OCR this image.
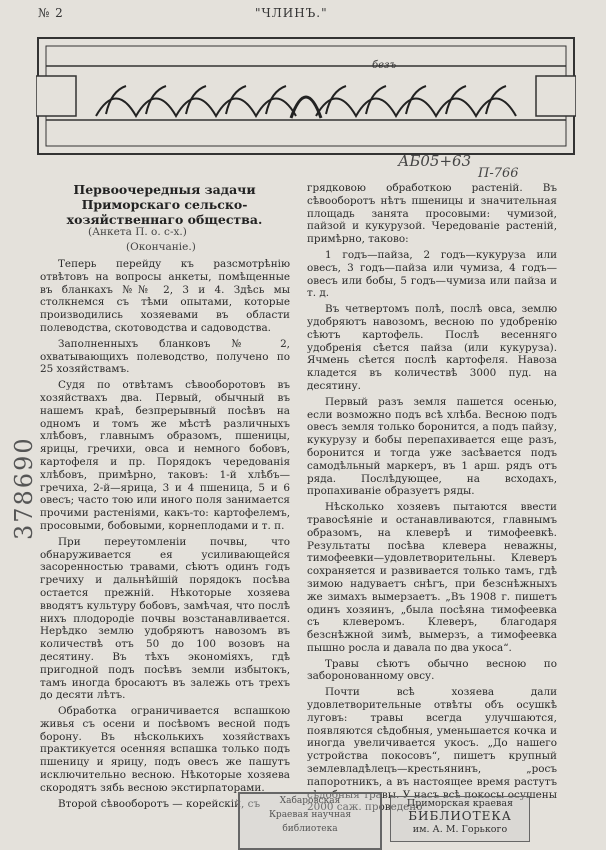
№ 2	"ЧЛИНЪ."
безъ
АБ05+63
П-766
Первоочередныя задачи Приморскаго сельско-хозяйственнаго общества.
(Анкета П. о. с-х.)
(Окончаніе.)

Теперь перейду къ разсмотрѣнію отвѣтовъ на вопросы анкеты, помѣщенные въ бланкахъ №№ 2, 3 и 4. Здѣсь мы столкнемся съ тѣми опытами, которые производились хозяевами въ области полеводства, скотоводства и садоводства.

Заполненныхъ бланковъ № 2, охватывающихъ полеводство, получено по 25 хозяйствамъ.

Судя по отвѣтамъ сѣвооборотовъ въ хозяйствахъ два. Первый, обычный въ нашемъ краѣ, безпрерывный посѣвъ на одномъ и томъ же мѣстѣ различныхъ хлѣбовъ, главнымъ образомъ, пшеницы, ярицы, гречихи, овса и немного бобовъ, картофеля и пр. Порядокъ чередованія хлѣбовъ, примѣрно, таковъ: 1-й хлѣбъ—гречиха, 2-й—ярица, 3 и 4 пшеница, 5 и 6 овесъ; часто тою или иного поля занимается прочими растеніями, какъ-то: картофелемъ, просовыми, бобовыми, корнеплодами и т. п.

При переутомленіи почвы, что обнаруживается ея усиливающейся засоренностью травами, сѣютъ одинъ годъ гречиху и дальнѣйшій порядокъ посѣва остается прежній. Нѣкоторые хозяева вводятъ культуру бобовъ, замѣчая, что послѣ нихъ плодородіе почвы возстанавливается. Нерѣдко землю удобряютъ навозомъ въ количествѣ отъ 50 до 100 возовъ на десятину. Въ тѣхъ экономіяхъ, гдѣ пригодной подъ посѣвъ земли избытокъ, тамъ иногда бросаютъ въ залежь отъ трехъ до десяти лѣтъ.

Обработка ограничивается вспашкою живья съ осени и посѣвомъ весной подъ борону. Въ нѣсколькихъ хозяйствахъ практикуется осенняя вспашка только подъ пшеницу и ярицу, подъ овесъ же пашутъ исключительно весною. Нѣкоторые хозяева скородятъ зябь весною экстирпаторами.

Второй сѣвооборотъ — корейскій, съ

грядковою обработкою растеній. Въ сѣвооборотъ нѣтъ пшеницы и значительная площадь занята просовыми: чумизой, пайзой и кукурузой. Чередованіе растеній, примѣрно, таково:

1 годъ—пайза, 2 годъ—кукуруза или овесъ, 3 годъ—пайза или чумиза, 4 годъ—овесъ или бобы, 5 годъ—чумиза или пайза и т. д.

Въ четвертомъ полѣ, послѣ овса, землю удобряютъ навозомъ, весною по удобренію сѣютъ картофель. Послѣ весенняго удобренія сѣется пайза (или кукуруза). Ячмень сѣется послѣ картофеля. Навоза кладется въ количествѣ 3000 пуд. на десятину.

Первый разъ земля пашется осенью, если возможно подъ всѣ хлѣба. Весною подъ овесъ земля только боронится, а подъ пайзу, кукурузу и бобы перепахивается еще разъ, боронится и тогда уже засѣвается подъ самодѣльный маркеръ, въ 1 арш. рядъ отъ ряда. Послѣдующее, на всходахъ, пропахиваніе образуетъ ряды.

Нѣсколько хозяевъ пытаются ввести травосѣяніе и останавливаются, главнымъ образомъ, на клеверѣ и тимофеевкѣ. Результаты посѣва клевера неважны, тимофеевки—удовлетворительны. Клеверъ сохраняется и развивается только тамъ, гдѣ зимою надуваетъ снѣгъ, при безснѣжныхъ же зимахъ вымерзаетъ. „Въ 1908 г. пишетъ одинъ хозяинъ, „была посѣяна тимофеевка съ клеверомъ. Клеверъ, благодаря безснѣжной зимѣ, вымерзъ, а тимофеевка пышно росла и давала по два укоса“.

Травы сѣютъ обычно весною по заборонованному овсу.

Почти всѣ хозяева дали удовлетворительные отвѣты объ осушкѣ луговъ: травы всегда улучшаются, появляются сѣдобныя, уменьшается кочка и иногда увеличивается укосъ. „До нашего устройства покосовъ“, пишетъ крупный землевладѣлецъ—крестьянинъ, „росъ папоротникъ, а въ настоящее время растутъ сѣдобныя травы. У насъ всѣ покосы осушены 2000 саж. проведено

378690
Хабаровская
Краевая научная
библиотека
Приморская краевая
БИБЛИОТЕКА
им. А. М. Горького
